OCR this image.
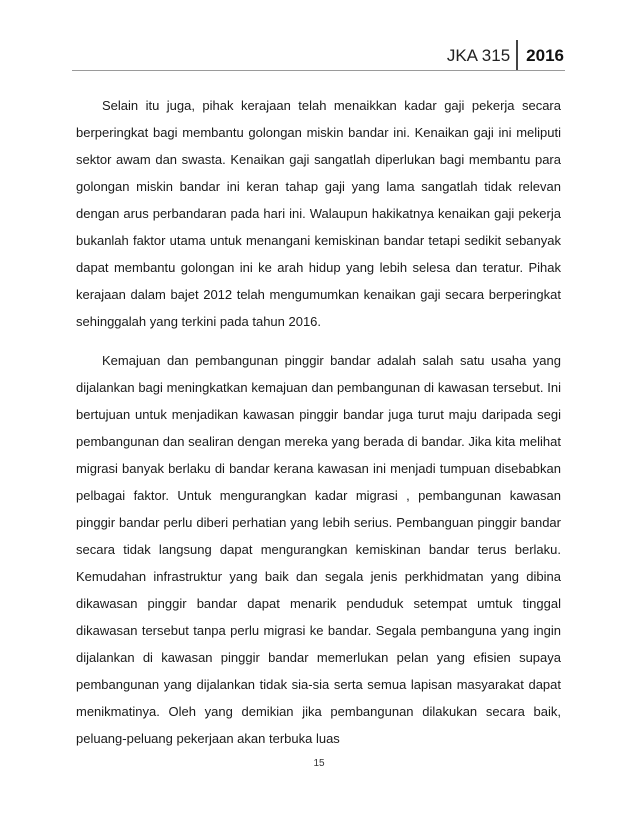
JKA 315 2016

Selain itu juga, pihak kerajaan telah menaikkan kadar gaji pekerja secara berperingkat bagi membantu golongan miskin bandar ini. Kenaikan gaji ini meliputi sektor awam dan swasta. Kenaikan gaji sangatlah diperlukan bagi membantu para golongan miskin bandar ini keran tahap gaji yang lama sangatlah tidak relevan dengan arus perbandaran pada hari ini. Walaupun hakikatnya kenaikan gaji pekerja bukanlah faktor utama untuk menangani kemiskinan bandar tetapi sedikit sebanyak dapat membantu golongan ini ke arah hidup yang lebih selesa dan teratur. Pihak kerajaan dalam bajet 2012 telah mengumumkan kenaikan gaji secara berperingkat sehinggalah yang terkini pada tahun 2016.

Kemajuan dan pembangunan pinggir bandar adalah salah satu usaha yang dijalankan bagi meningkatkan kemajuan dan pembangunan di kawasan tersebut. Ini bertujuan untuk menjadikan kawasan pinggir bandar juga turut maju daripada segi pembangunan dan sealiran dengan mereka yang berada di bandar. Jika kita melihat migrasi banyak berlaku di bandar kerana kawasan ini menjadi tumpuan disebabkan pelbagai faktor. Untuk mengurangkan kadar migrasi , pembangunan kawasan pinggir bandar perlu diberi perhatian yang lebih serius. Pembanguan pinggir bandar secara tidak langsung dapat mengurangkan kemiskinan bandar terus berlaku. Kemudahan infrastruktur yang baik dan segala jenis perkhidmatan yang dibina dikawasan pinggir bandar dapat menarik penduduk setempat umtuk tinggal dikawasan tersebut tanpa perlu migrasi ke bandar. Segala pembanguna yang ingin dijalankan di kawasan pinggir bandar memerlukan pelan yang efisien supaya pembangunan yang dijalankan tidak sia-sia serta semua lapisan masyarakat dapat menikmatinya. Oleh yang demikian jika pembangunan dilakukan secara baik, peluang-peluang pekerjaan akan terbuka luas

15
